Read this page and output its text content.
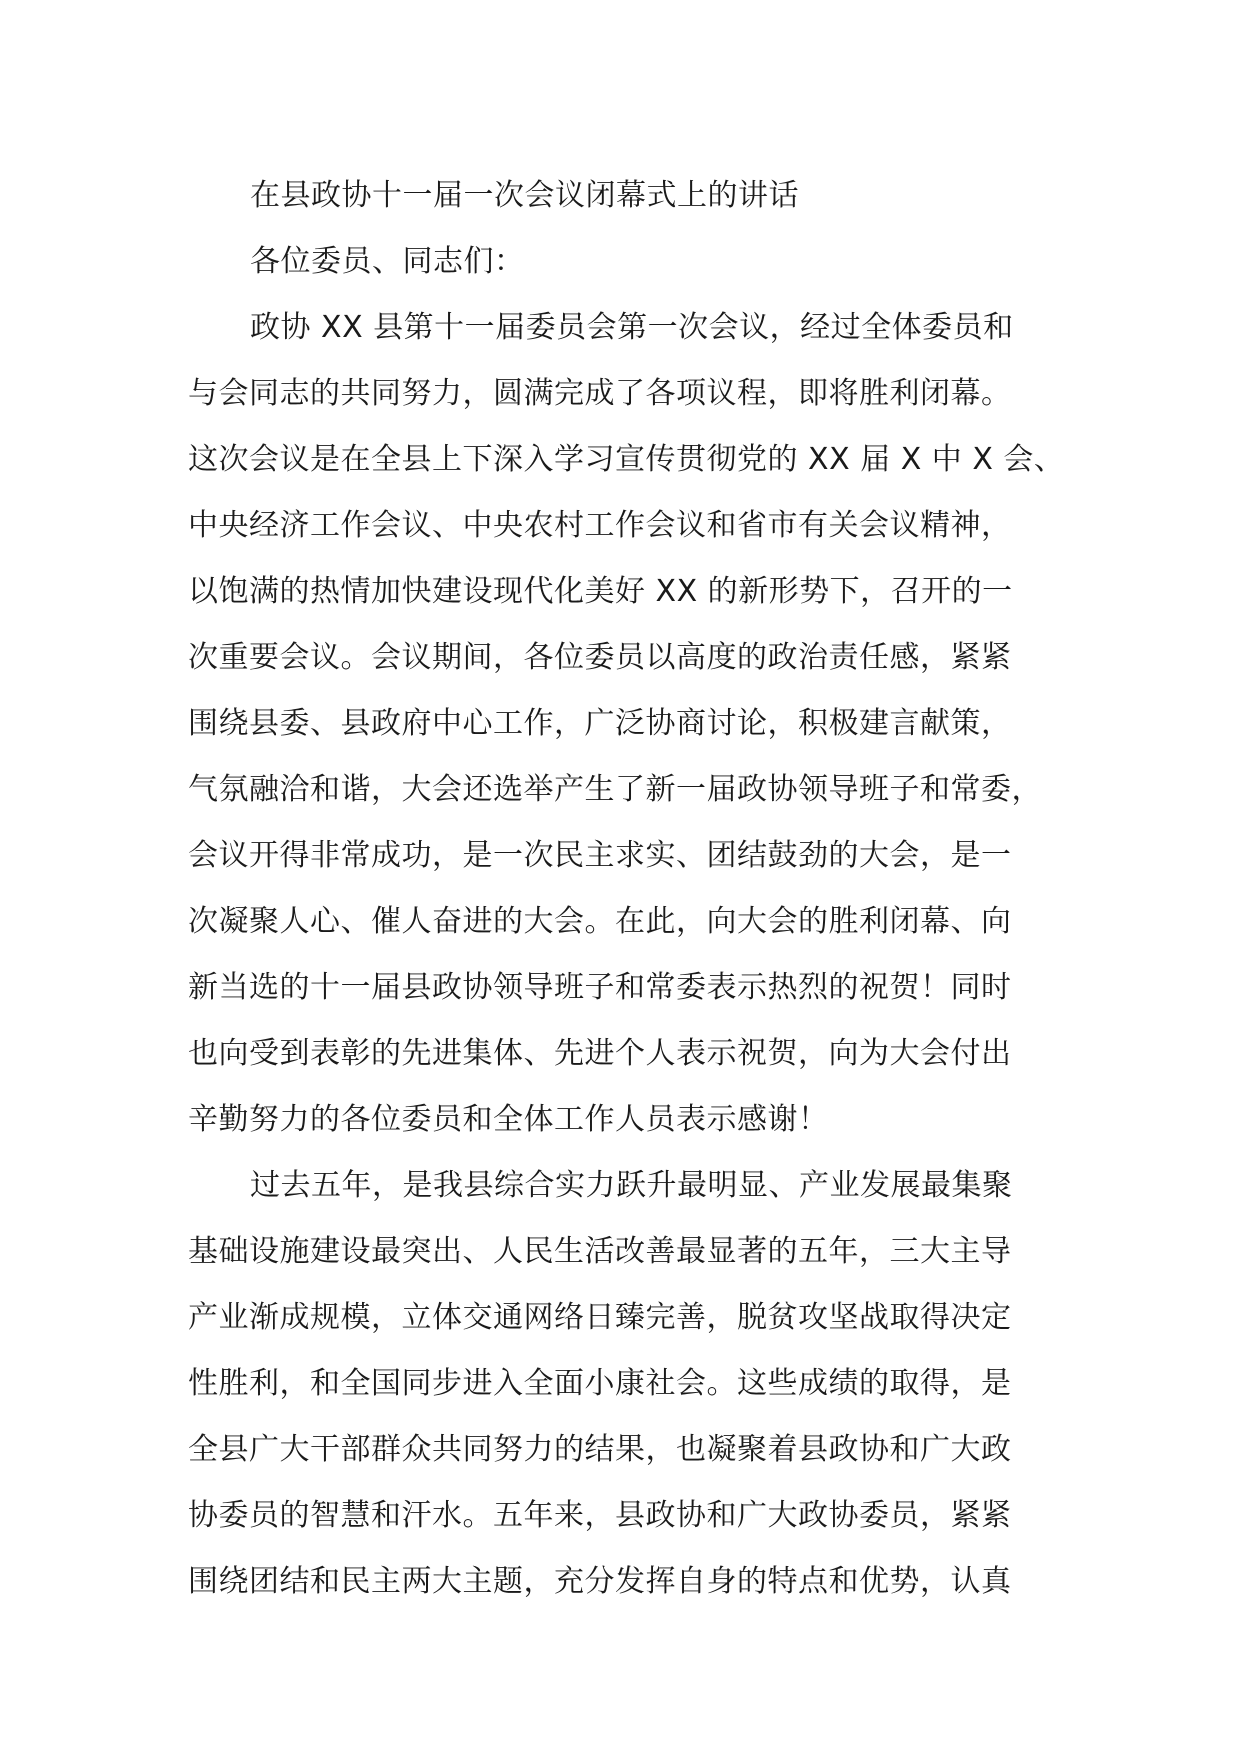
在县政协十一届一次会议闭幕式上的讲话
各位委员、同志们：
政协 XX 县第十一届委员会第一次会议，经过全体委员和
与会同志的共同努力，圆满完成了各项议程，即将胜利闭幕。
这次会议是在全县上下深入学习宣传贯彻党的 XX 届 X 中 X 会、
中央经济工作会议、中央农村工作会议和省市有关会议精神，
以饱满的热情加快建设现代化美好 XX 的新形势下，召开的一
次重要会议。会议期间，各位委员以高度的政治责任感，紧紧
围绕县委、县政府中心工作，广泛协商讨论，积极建言献策，
气氛融洽和谐，大会还选举产生了新一届政协领导班子和常委，
会议开得非常成功，是一次民主求实、团结鼓劲的大会，是一
次凝聚人心、催人奋进的大会。在此，向大会的胜利闭幕、向
新当选的十一届县政协领导班子和常委表示热烈的祝贺！同时
也向受到表彰的先进集体、先进个人表示祝贺，向为大会付出
辛勤努力的各位委员和全体工作人员表示感谢！
过去五年，是我县综合实力跃升最明显、产业发展最集聚
基础设施建设最突出、人民生活改善最显著的五年，三大主导
产业渐成规模，立体交通网络日臻完善，脱贫攻坚战取得决定
性胜利，和全国同步进入全面小康社会。这些成绩的取得，是
全县广大干部群众共同努力的结果，也凝聚着县政协和广大政
协委员的智慧和汗水。五年来，县政协和广大政协委员，紧紧
围绕团结和民主两大主题，充分发挥自身的特点和优势，认真
